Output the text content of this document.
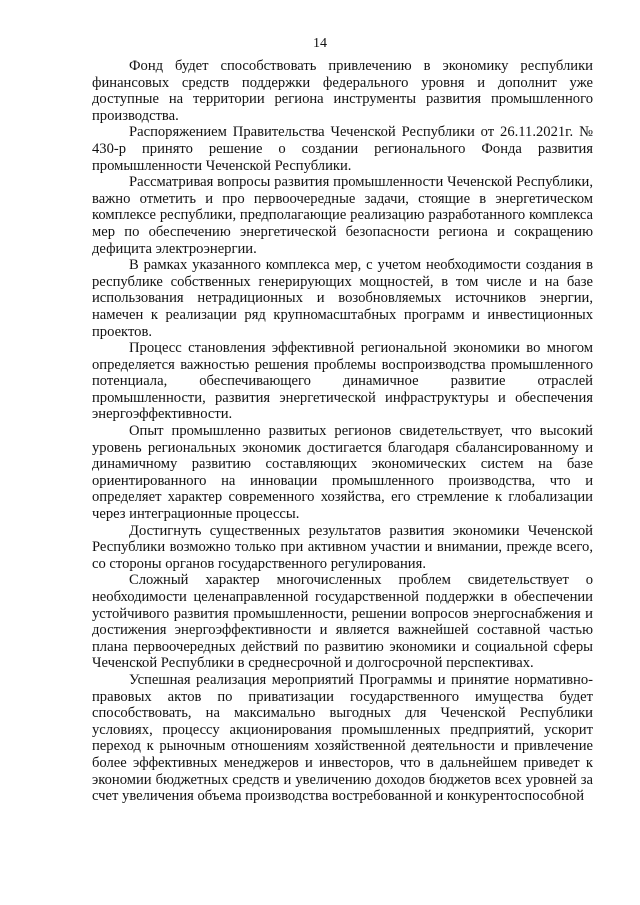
14

Фонд будет способствовать привлечению в экономику республики финансовых средств поддержки федерального уровня и дополнит уже доступные на территории региона инструменты развития промышленного производства.

Распоряжением Правительства Чеченской Республики от 26.11.2021г. № 430-р принято решение о создании регионального Фонда развития промышленности Чеченской Республики.

Рассматривая вопросы развития промышленности Чеченской Республики, важно отметить и про первоочередные задачи, стоящие в энергетическом комплексе республики, предполагающие реализацию разработанного комплекса мер по обеспечению энергетической безопасности региона и сокращению дефицита электроэнергии.

В рамках указанного комплекса мер, с учетом необходимости создания в республике собственных генерирующих мощностей, в том числе и на базе использования нетрадиционных и возобновляемых источников энергии, намечен к реализации ряд крупномасштабных программ и инвестиционных проектов.

Процесс становления эффективной региональной экономики во многом определяется важностью решения проблемы воспроизводства промышленного потенциала, обеспечивающего динамичное развитие отраслей промышленности, развития энергетической инфраструктуры и обеспечения энергоэффективности.

Опыт промышленно развитых регионов свидетельствует, что высокий уровень региональных экономик достигается благодаря сбалансированному и динамичному развитию составляющих экономических систем на базе ориентированного на инновации промышленного производства, что и определяет характер современного хозяйства, его стремление к глобализации через интеграционные процессы.

Достигнуть существенных результатов развития экономики Чеченской Республики возможно только при активном участии и внимании, прежде всего, со стороны органов государственного регулирования.

Сложный характер многочисленных проблем свидетельствует о необходимости целенаправленной государственной поддержки в обеспечении устойчивого развития промышленности, решении вопросов энергоснабжения и достижения энергоэффективности и является важнейшей составной частью плана первоочередных действий по развитию экономики и социальной сферы Чеченской Республики в среднесрочной и долгосрочной перспективах.

Успешная реализация мероприятий Программы и принятие нормативно-правовых актов по приватизации государственного имущества будет способствовать, на максимально выгодных для Чеченской Республики условиях, процессу акционирования промышленных предприятий, ускорит переход к рыночным отношениям хозяйственной деятельности и привлечение более эффективных менеджеров и инвесторов, что в дальнейшем приведет к экономии бюджетных средств и увеличению доходов бюджетов всех уровней за счет увеличения объема производства востребованной и конкурентоспособной
